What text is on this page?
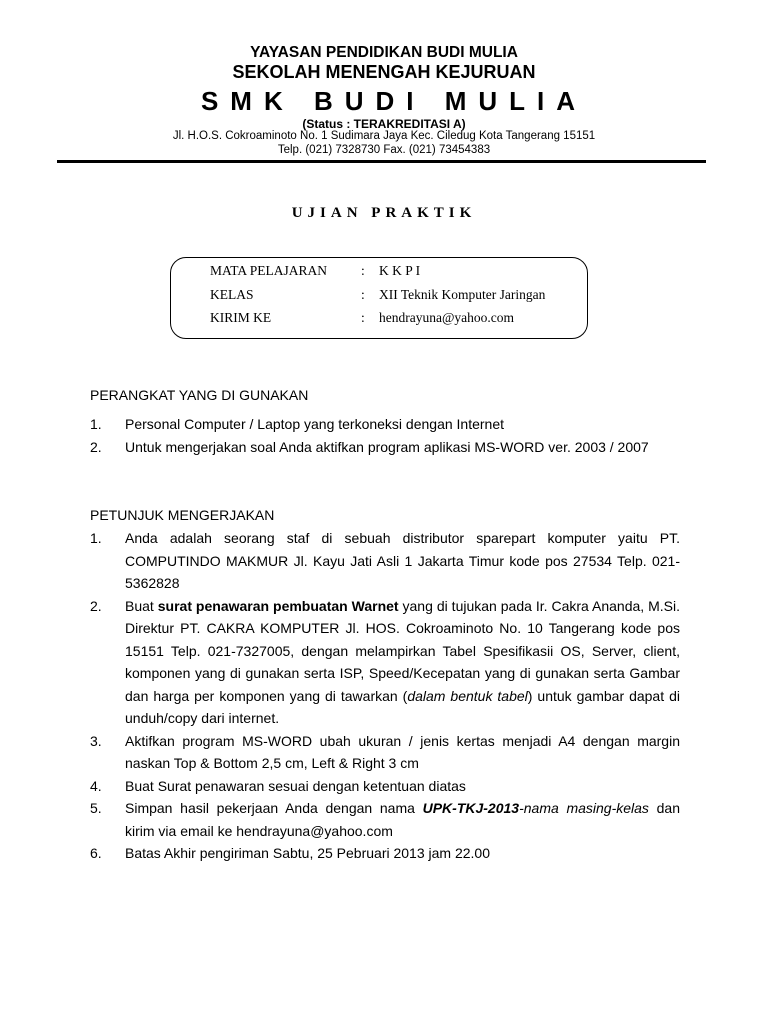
YAYASAN PENDIDIKAN BUDI MULIA
SEKOLAH MENENGAH KEJURUAN
SMK BUDI MULIA
(Status : TERAKREDITASI A)
Jl. H.O.S. Cokroaminoto No. 1 Sudimara Jaya Kec. Ciledug Kota Tangerang 15151
Telp. (021) 7328730 Fax. (021) 73454383
UJIAN PRAKTIK
MATA PELAJARAN	: K K P I
KELAS	: XII Teknik Komputer Jaringan
KIRIM KE	: hendrayuna@yahoo.com
PERANGKAT YANG DI GUNAKAN
1. Personal Computer / Laptop yang terkoneksi dengan Internet
2. Untuk mengerjakan soal Anda aktifkan program aplikasi MS-WORD ver. 2003 / 2007
PETUNJUK MENGERJAKAN
1. Anda adalah seorang staf di sebuah distributor sparepart komputer yaitu PT. COMPUTINDO MAKMUR Jl. Kayu Jati Asli 1 Jakarta Timur kode pos 27534 Telp. 021-5362828
2. Buat surat penawaran pembuatan Warnet yang di tujukan pada Ir. Cakra Ananda, M.Si. Direktur PT. CAKRA KOMPUTER Jl. HOS. Cokroaminoto No. 10 Tangerang kode pos 15151 Telp. 021-7327005, dengan melampirkan Tabel Spesifikasii OS, Server, client, komponen yang di gunakan serta ISP, Speed/Kecepatan yang di gunakan serta Gambar dan harga per komponen yang di tawarkan (dalam bentuk tabel) untuk gambar dapat di unduh/copy dari internet.
3. Aktifkan program MS-WORD ubah ukuran / jenis kertas menjadi A4 dengan margin naskan Top & Bottom 2,5 cm, Left & Right 3 cm
4. Buat Surat penawaran sesuai dengan ketentuan diatas
5. Simpan hasil pekerjaan Anda dengan nama UPK-TKJ-2013-nama masing-kelas dan kirim via email ke hendrayuna@yahoo.com
6. Batas Akhir pengiriman Sabtu, 25 Pebruari 2013 jam 22.00
